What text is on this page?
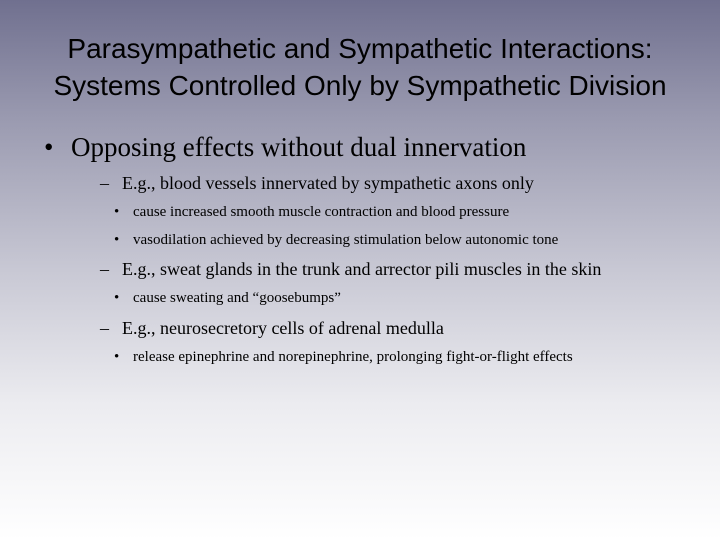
Parasympathetic and Sympathetic Interactions:
Systems Controlled Only by Sympathetic Division
• Opposing effects without dual innervation
– E.g., blood vessels innervated by sympathetic axons only
• cause increased smooth muscle contraction and blood pressure
• vasodilation achieved by decreasing stimulation below autonomic tone
– E.g., sweat glands in the trunk and arrector pili muscles in the skin
• cause sweating and “goosebumps”
– E.g., neurosecretory cells of adrenal medulla
• release epinephrine and norepinephrine, prolonging fight-or-flight effects
